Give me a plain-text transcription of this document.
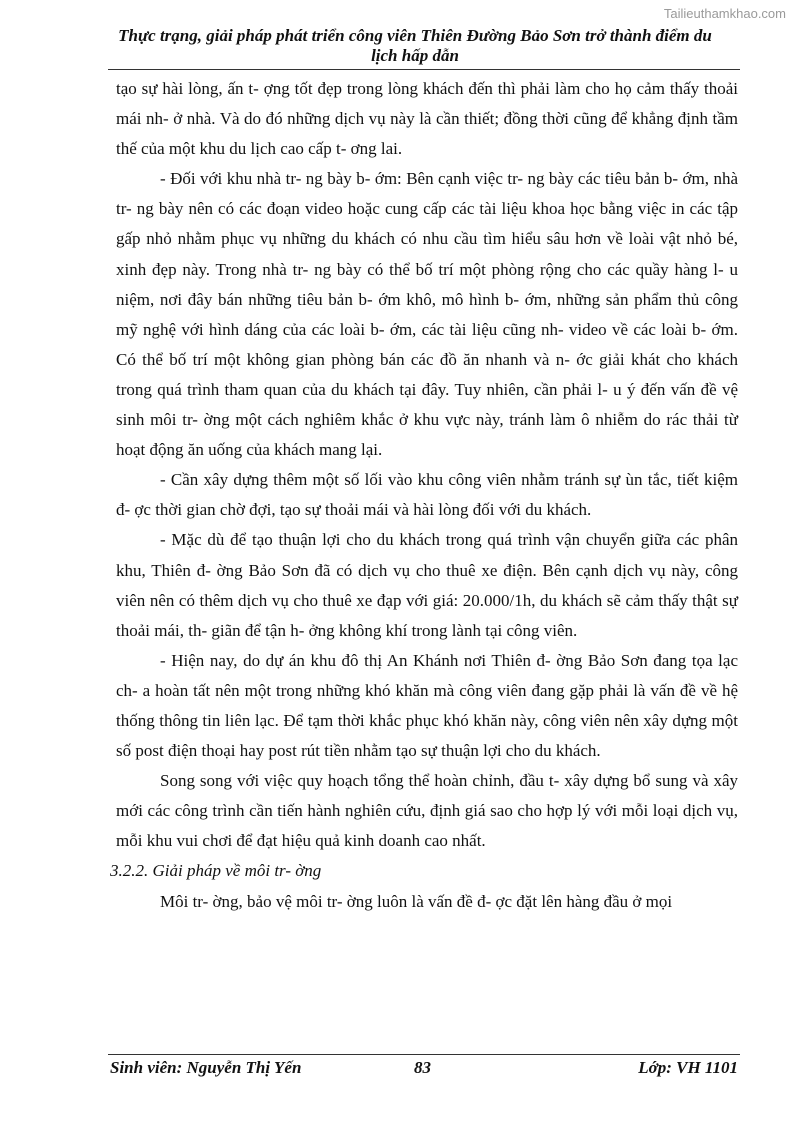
Tailieuthamkhao.com
Thực trạng, giải pháp phát triển công viên Thiên Đường Bảo Sơn trở thành điểm du lịch hấp dẫn

tạo sự hài lòng, ấn t- ợng tốt đẹp trong lòng khách đến thì phải làm cho họ cảm thấy thoải mái nh- ở nhà. Và do đó những dịch vụ này là cần thiết; đồng thời cũng để khẳng định tầm thế của một khu du lịch cao cấp t- ơng lai.

- Đối với khu nhà tr- ng bày b- ớm: Bên cạnh việc tr- ng bày các tiêu bản b- ớm, nhà tr- ng bày nên có các đoạn video hoặc cung cấp các tài liệu khoa học bằng việc in các tập gấp nhỏ nhằm phục vụ những du khách có nhu cầu tìm hiểu sâu hơn về loài vật nhỏ bé, xinh đẹp này. Trong nhà tr- ng bày có thể bố trí một phòng rộng cho các quầy hàng l- u niệm, nơi đây bán những tiêu bản b- ớm khô, mô hình b- ớm, những sản phẩm thủ công mỹ nghệ với hình dáng của các loài b- ớm, các tài liệu cũng nh- video về các loài b- ớm. Có thể bố trí một không gian phòng bán các đồ ăn nhanh và n- ớc giải khát cho khách trong quá trình tham quan của du khách tại đây. Tuy nhiên, cần phải l- u ý đến vấn đề vệ sinh môi tr- ờng một cách nghiêm khắc ở khu vực này, tránh làm ô nhiễm do rác thải từ hoạt động ăn uống của khách mang lại.

- Cần xây dựng thêm một số lối vào khu công viên nhằm tránh sự ùn tắc, tiết kiệm đ- ợc thời gian chờ đợi, tạo sự thoải mái và hài lòng đối với du khách.

- Mặc dù để tạo thuận lợi cho du khách trong quá trình vận chuyển giữa các phân khu, Thiên đ- ờng Bảo Sơn đã có dịch vụ cho thuê xe điện. Bên cạnh dịch vụ này, công viên nên có thêm dịch vụ cho thuê xe đạp với giá: 20.000/1h, du khách sẽ cảm thấy thật sự thoải mái, th- giãn để tận h- ởng không khí trong lành tại công viên.

- Hiện nay, do dự án khu đô thị An Khánh nơi Thiên đ- ờng Bảo Sơn đang tọa lạc ch- a hoàn tất nên một trong những khó khăn mà công viên đang gặp phải là vấn đề về hệ thống thông tin liên lạc. Để tạm thời khắc phục khó khăn này, công viên nên xây dựng một số post điện thoại hay post rút tiền nhằm tạo sự thuận lợi cho du khách.

Song song với việc quy hoạch tổng thể hoàn chỉnh, đầu t- xây dựng bổ sung và xây mới các công trình cần tiến hành nghiên cứu, định giá sao cho hợp lý với mỗi loại dịch vụ, mỗi khu vui chơi để đạt hiệu quả kinh doanh cao nhất.

3.2.2. Giải pháp về môi tr- ờng

Môi tr- ờng, bảo vệ môi tr- ờng luôn là vấn đề đ- ợc đặt lên hàng đầu ở mọi

Sinh viên: Nguyễn Thị Yến	83	Lớp: VH 1101
